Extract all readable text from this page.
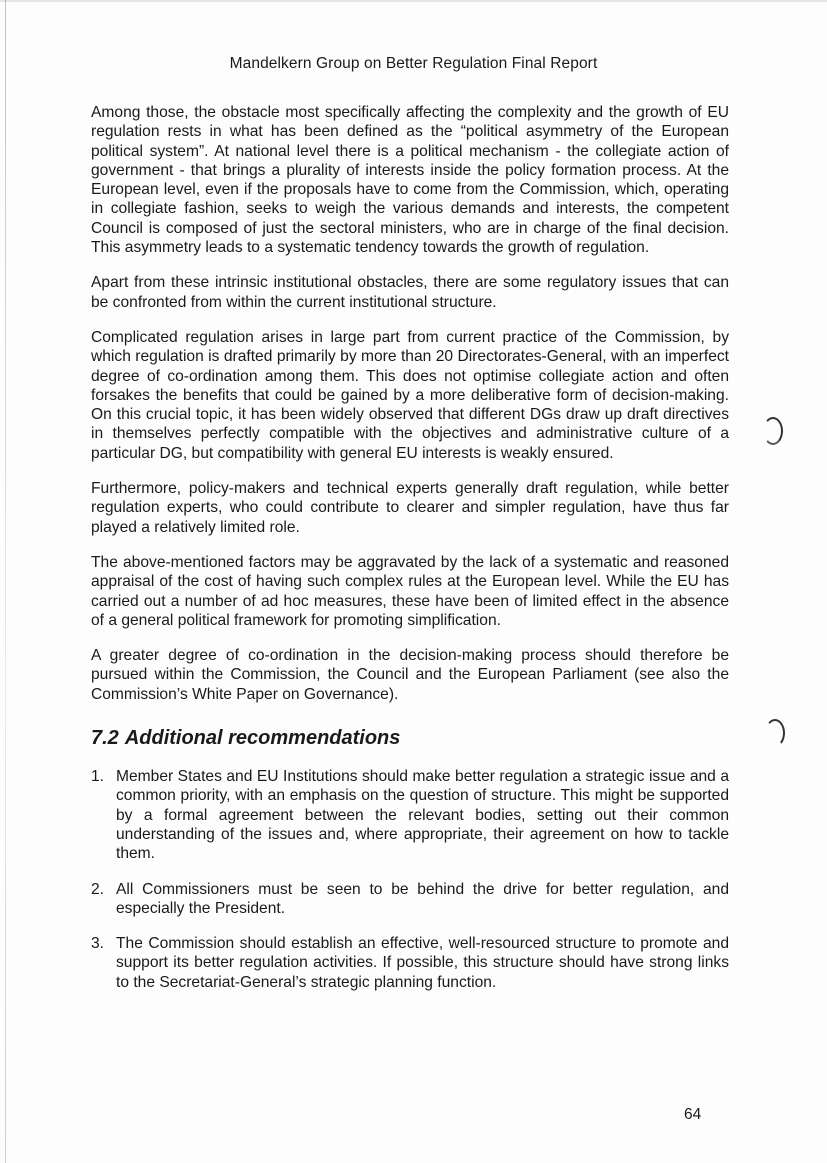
Mandelkern Group on Better Regulation Final Report

Among those, the obstacle most specifically affecting the complexity and the growth of EU regulation rests in what has been defined as the “political asymmetry of the European political system”. At national level there is a political mechanism - the collegiate action of government - that brings a plurality of interests inside the policy formation process. At the European level, even if the proposals have to come from the Commission, which, operating in collegiate fashion, seeks to weigh the various demands and interests, the competent Council is composed of just the sectoral ministers, who are in charge of the final decision. This asymmetry leads to a systematic tendency towards the growth of regulation.

Apart from these intrinsic institutional obstacles, there are some regulatory issues that can be confronted from within the current institutional structure.

Complicated regulation arises in large part from current practice of the Commission, by which regulation is drafted primarily by more than 20 Directorates-General, with an imperfect degree of co-ordination among them. This does not optimise collegiate action and often forsakes the benefits that could be gained by a more deliberative form of decision-making. On this crucial topic, it has been widely observed that different DGs draw up draft directives in themselves perfectly compatible with the objectives and administrative culture of a particular DG, but compatibility with general EU interests is weakly ensured.

Furthermore, policy-makers and technical experts generally draft regulation, while better regulation experts, who could contribute to clearer and simpler regulation, have thus far played a relatively limited role.

The above-mentioned factors may be aggravated by the lack of a systematic and reasoned appraisal of the cost of having such complex rules at the European level. While the EU has carried out a number of ad hoc measures, these have been of limited effect in the absence of a general political framework for promoting simplification.

A greater degree of co-ordination in the decision-making process should therefore be pursued within the Commission, the Council and the European Parliament (see also the Commission’s White Paper on Governance).

7.2 Additional recommendations
1. Member States and EU Institutions should make better regulation a strategic issue and a common priority, with an emphasis on the question of structure. This might be supported by a formal agreement between the relevant bodies, setting out their common understanding of the issues and, where appropriate, their agreement on how to tackle them.
2. All Commissioners must be seen to be behind the drive for better regulation, and especially the President.
3. The Commission should establish an effective, well-resourced structure to promote and support its better regulation activities. If possible, this structure should have strong links to the Secretariat-General’s strategic planning function.
64
